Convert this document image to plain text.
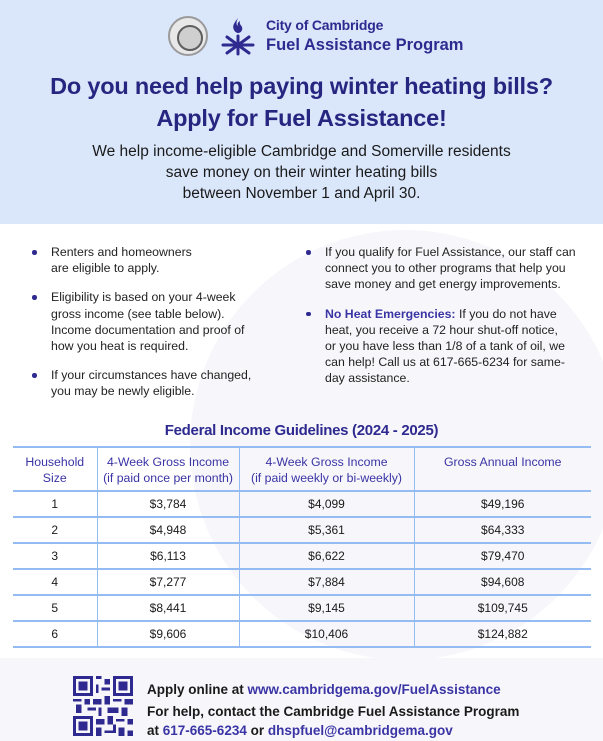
City of Cambridge
Fuel Assistance Program
Do you need help paying winter heating bills?
Apply for Fuel Assistance!
We help income-eligible Cambridge and Somerville residents
save money on their winter heating bills
between November 1 and April 30.
Renters and homeowners are eligible to apply.
Eligibility is based on your 4-week gross income (see table below). Income documentation and proof of how you heat is required.
If your circumstances have changed, you may be newly eligible.
If you qualify for Fuel Assistance, our staff can connect you to other programs that help you save money and get energy improvements.
No Heat Emergencies: If you do not have heat, you receive a 72 hour shut-off notice, or you have less than 1/8 of a tank of oil, we can help! Call us at 617-665-6234 for same-day assistance.
Federal Income Guidelines (2024 - 2025)
Household
Size

4-Week Gross Income
(if paid once per month)

4-Week Gross Income
(if paid weekly or bi-weekly)

Gross Annual Income

1	$3,784	$4,099	$49,196
2	$4,948	$5,361	$64,333
3	$6,113	$6,622	$79,470
4	$7,277	$7,884	$94,608
5	$8,441	$9,145	$109,745
6	$9,606	$10,406	$124,882
Apply online at www.cambridgema.gov/FuelAssistance
For help, contact the Cambridge Fuel Assistance Program
at 617-665-6234 or dhspfuel@cambridgema.gov
